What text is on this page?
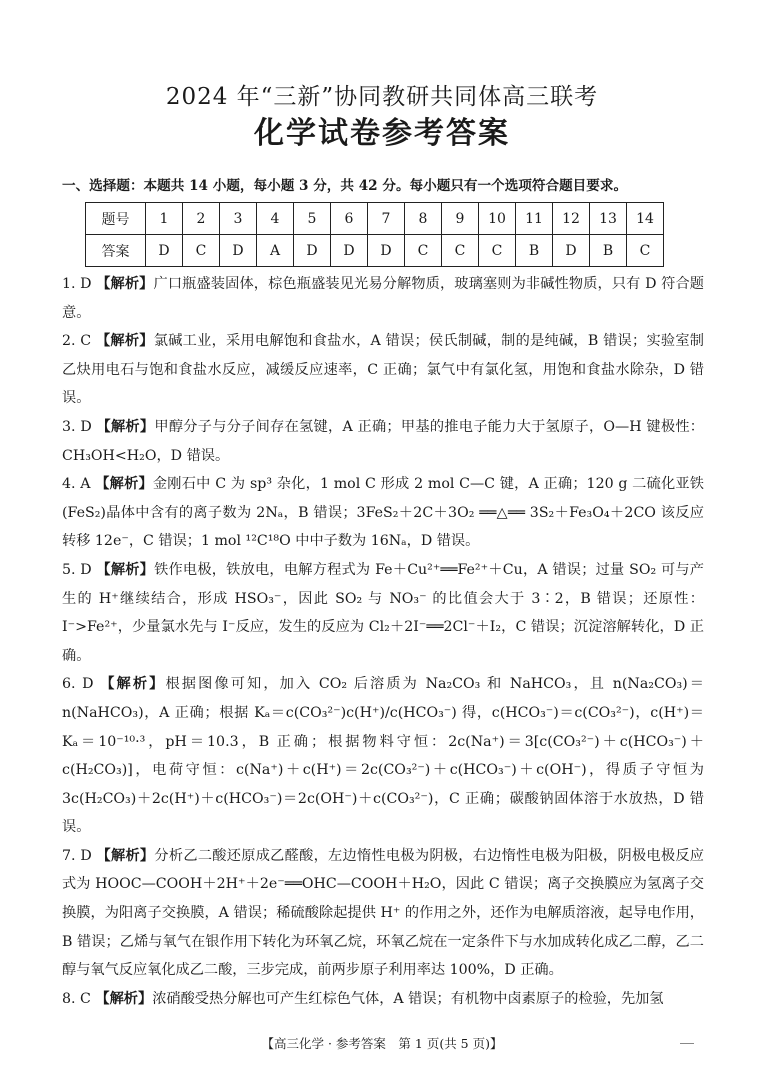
2024 年“三新”协同教研共同体高三联考
化学试卷参考答案
一、选择题：本题共 14 小题，每小题 3 分，共 42 分。每小题只有一个选项符合题目要求。
题号	1	2	3	4	5	6	7	8	9	10	11	12	13	14
答案	D	C	D	A	D	D	D	C	C	C	B	D	B	C
1. D 【解析】广口瓶盛装固体，棕色瓶盛装见光易分解物质，玻璃塞则为非碱性物质，只有 D 符合题意。
2. C 【解析】氯碱工业，采用电解饱和食盐水，A 错误；侯氏制碱，制的是纯碱，B 错误；实验室制乙炔用电石与饱和食盐水反应，减缓反应速率，C 正确；氯气中有氯化氢，用饱和食盐水除杂，D 错误。
3. D 【解析】甲醇分子与分子间存在氢键，A 正确；甲基的推电子能力大于氢原子，O—H 键极性：CH₃OH<H₂O，D 错误。
4. A 【解析】金刚石中 C 为 sp³ 杂化，1 mol C 形成 2 mol C—C 键，A 正确；120 g 二硫化亚铁(FeS₂)晶体中含有的离子数为 2Nₐ，B 错误；3FeS₂＋2C＋3O₂ ══△══ 3S₂＋Fe₃O₄＋2CO 该反应转移 12e⁻，C 错误；1 mol ¹²C¹⁸O 中中子数为 16Nₐ，D 错误。
5. D 【解析】铁作电极，铁放电，电解方程式为 Fe＋Cu²⁺══Fe²⁺＋Cu，A 错误；过量 SO₂ 可与产生的 H⁺继续结合，形成 HSO₃⁻，因此 SO₂ 与 NO₃⁻ 的比值会大于 3∶2，B 错误；还原性：I⁻>Fe²⁺，少量氯水先与 I⁻反应，发生的反应为 Cl₂＋2I⁻══2Cl⁻＋I₂，C 错误；沉淀溶解转化，D 正确。
6. D 【解析】根据图像可知，加入 CO₂ 后溶质为 Na₂CO₃ 和 NaHCO₃，且 n(Na₂CO₃)＝n(NaHCO₃)，A 正确；根据 Kₐ＝c(CO₃²⁻)c(H⁺)/c(HCO₃⁻) 得，c(HCO₃⁻)＝c(CO₃²⁻)，c(H⁺)＝Kₐ＝10⁻¹⁰·³，pH＝10.3，B 正确；根据物料守恒：2c(Na⁺)＝3[c(CO₃²⁻)＋c(HCO₃⁻)＋c(H₂CO₃)]，电荷守恒：c(Na⁺)＋c(H⁺)＝2c(CO₃²⁻)＋c(HCO₃⁻)＋c(OH⁻)，得质子守恒为 3c(H₂CO₃)＋2c(H⁺)＋c(HCO₃⁻)＝2c(OH⁻)＋c(CO₃²⁻)，C 正确；碳酸钠固体溶于水放热，D 错误。
7. D 【解析】分析乙二酸还原成乙醛酸，左边惰性电极为阴极，右边惰性电极为阳极，阴极电极反应式为 HOOC—COOH＋2H⁺＋2e⁻══OHC—COOH＋H₂O，因此 C 错误；离子交换膜应为氢离子交换膜，为阳离子交换膜，A 错误；稀硫酸除起提供 H⁺ 的作用之外，还作为电解质溶液，起导电作用，B 错误；乙烯与氧气在银作用下转化为环氧乙烷，环氧乙烷在一定条件下与水加成转化成乙二醇，乙二醇与氧气反应氧化成乙二酸，三步完成，前两步原子利用率达 100%，D 正确。
8. C 【解析】浓硝酸受热分解也可产生红棕色气体，A 错误；有机物中卤素原子的检验，先加氢
【高三化学 · 参考答案　第 1 页(共 5 页)】
